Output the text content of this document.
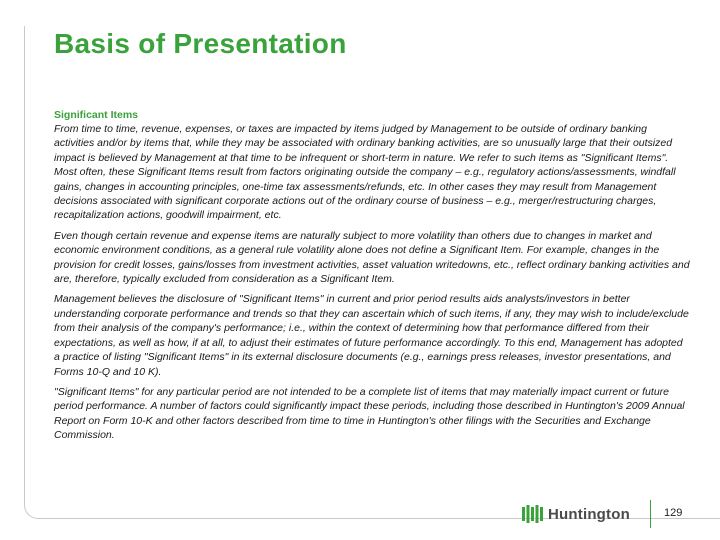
Basis of Presentation
Significant Items

From time to time, revenue, expenses, or taxes are impacted by items judged by Management to be outside of ordinary banking activities and/or by items that, while they may be associated with ordinary banking activities, are so unusually large that their outsized impact is believed by Management at that time to be infrequent or short-term in nature. We refer to such items as "Significant Items". Most often, these Significant Items result from factors originating outside the company – e.g., regulatory actions/assessments, windfall gains, changes in accounting principles, one-time tax assessments/refunds, etc. In other cases they may result from Management decisions associated with significant corporate actions out of the ordinary course of business – e.g., merger/restructuring charges, recapitalization actions, goodwill impairment, etc.

Even though certain revenue and expense items are naturally subject to more volatility than others due to changes in market and economic environment conditions, as a general rule volatility alone does not define a Significant Item. For example, changes in the provision for credit losses, gains/losses from investment activities, asset valuation writedowns, etc., reflect ordinary banking activities and are, therefore, typically excluded from consideration as a Significant Item.

Management believes the disclosure of "Significant Items" in current and prior period results aids analysts/investors in better understanding corporate performance and trends so that they can ascertain which of such items, if any, they may wish to include/exclude from their analysis of the company's performance; i.e., within the context of determining how that performance differed from their expectations, as well as how, if at all, to adjust their estimates of future performance accordingly. To this end, Management has adopted a practice of listing "Significant Items" in its external disclosure documents (e.g., earnings press releases, investor presentations, and Forms 10-Q and 10 K).

"Significant Items" for any particular period are not intended to be a complete list of items that may materially impact current or future period performance. A number of factors could significantly impact these periods, including those described in Huntington's 2009 Annual Report on Form 10-K and other factors described from time to time in Huntington's other filings with the Securities and Exchange Commission.

Huntington	129
